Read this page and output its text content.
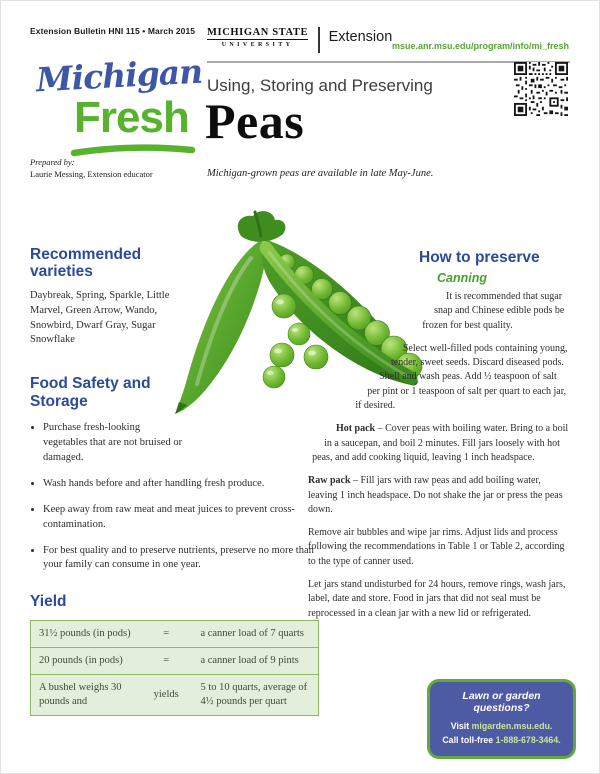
Extension Bulletin HNI 115 • March 2015 MICHIGAN STATE
UNIVERSITY	Extension
msue.anr.msu.edu/program/info/mi_fresh
Michigan
Fresh
Prepared by:
Laurie Messing, Extension educator
Using, Storing and Preserving
Peas
Michigan-grown peas are available in late May-June.
Recommended varieties

Daybreak, Spring, Sparkle, Little Marvel, Green Arrow, Wando, Snowbird, Dwarf Gray, Sugar Snowflake

Food Safety and Storage
• Purchase fresh-looking vegetables that are not bruised or damaged.
• Wash hands before and after handling fresh produce.
• Keep away from raw meat and meat juices to prevent cross-contamination.
• For best quality and to preserve nutrients, preserve no more than your family can consume in one year.
Yield
31½ pounds (in pods)	=	a canner load of 7 quarts
20 pounds (in pods)	=	a canner load of 9 pints
A bushel weighs 30 pounds and	yields	5 to 10 quarts, average of 4½ pounds per quart
How to preserve
Canning

It is recommended that sugar snap and Chinese edible pods be frozen for best quality.

Select well-filled pods containing young, tender, sweet seeds. Discard diseased pods. Shell and wash peas. Add ½ teaspoon of salt per pint or 1 teaspoon of salt per quart to each jar, if desired.

Hot pack – Cover peas with boiling water. Bring to a boil in a saucepan, and boil 2 minutes. Fill jars loosely with hot peas, and add cooking liquid, leaving 1 inch headspace.

Raw pack – Fill jars with raw peas and add boiling water, leaving 1 inch headspace. Do not shake the jar or press the peas down.

Remove air bubbles and wipe jar rims. Adjust lids and process following the recommendations in Table 1 or Table 2, according to the type of canner used.

Let jars stand undisturbed for 24 hours, remove rings, wash jars, label, date and store. Food in jars that did not seal must be reprocessed in a clean jar with a new lid or refrigerated.

Lawn or garden questions?
Visit migarden.msu.edu.
Call toll-free 1-888-678-3464.
